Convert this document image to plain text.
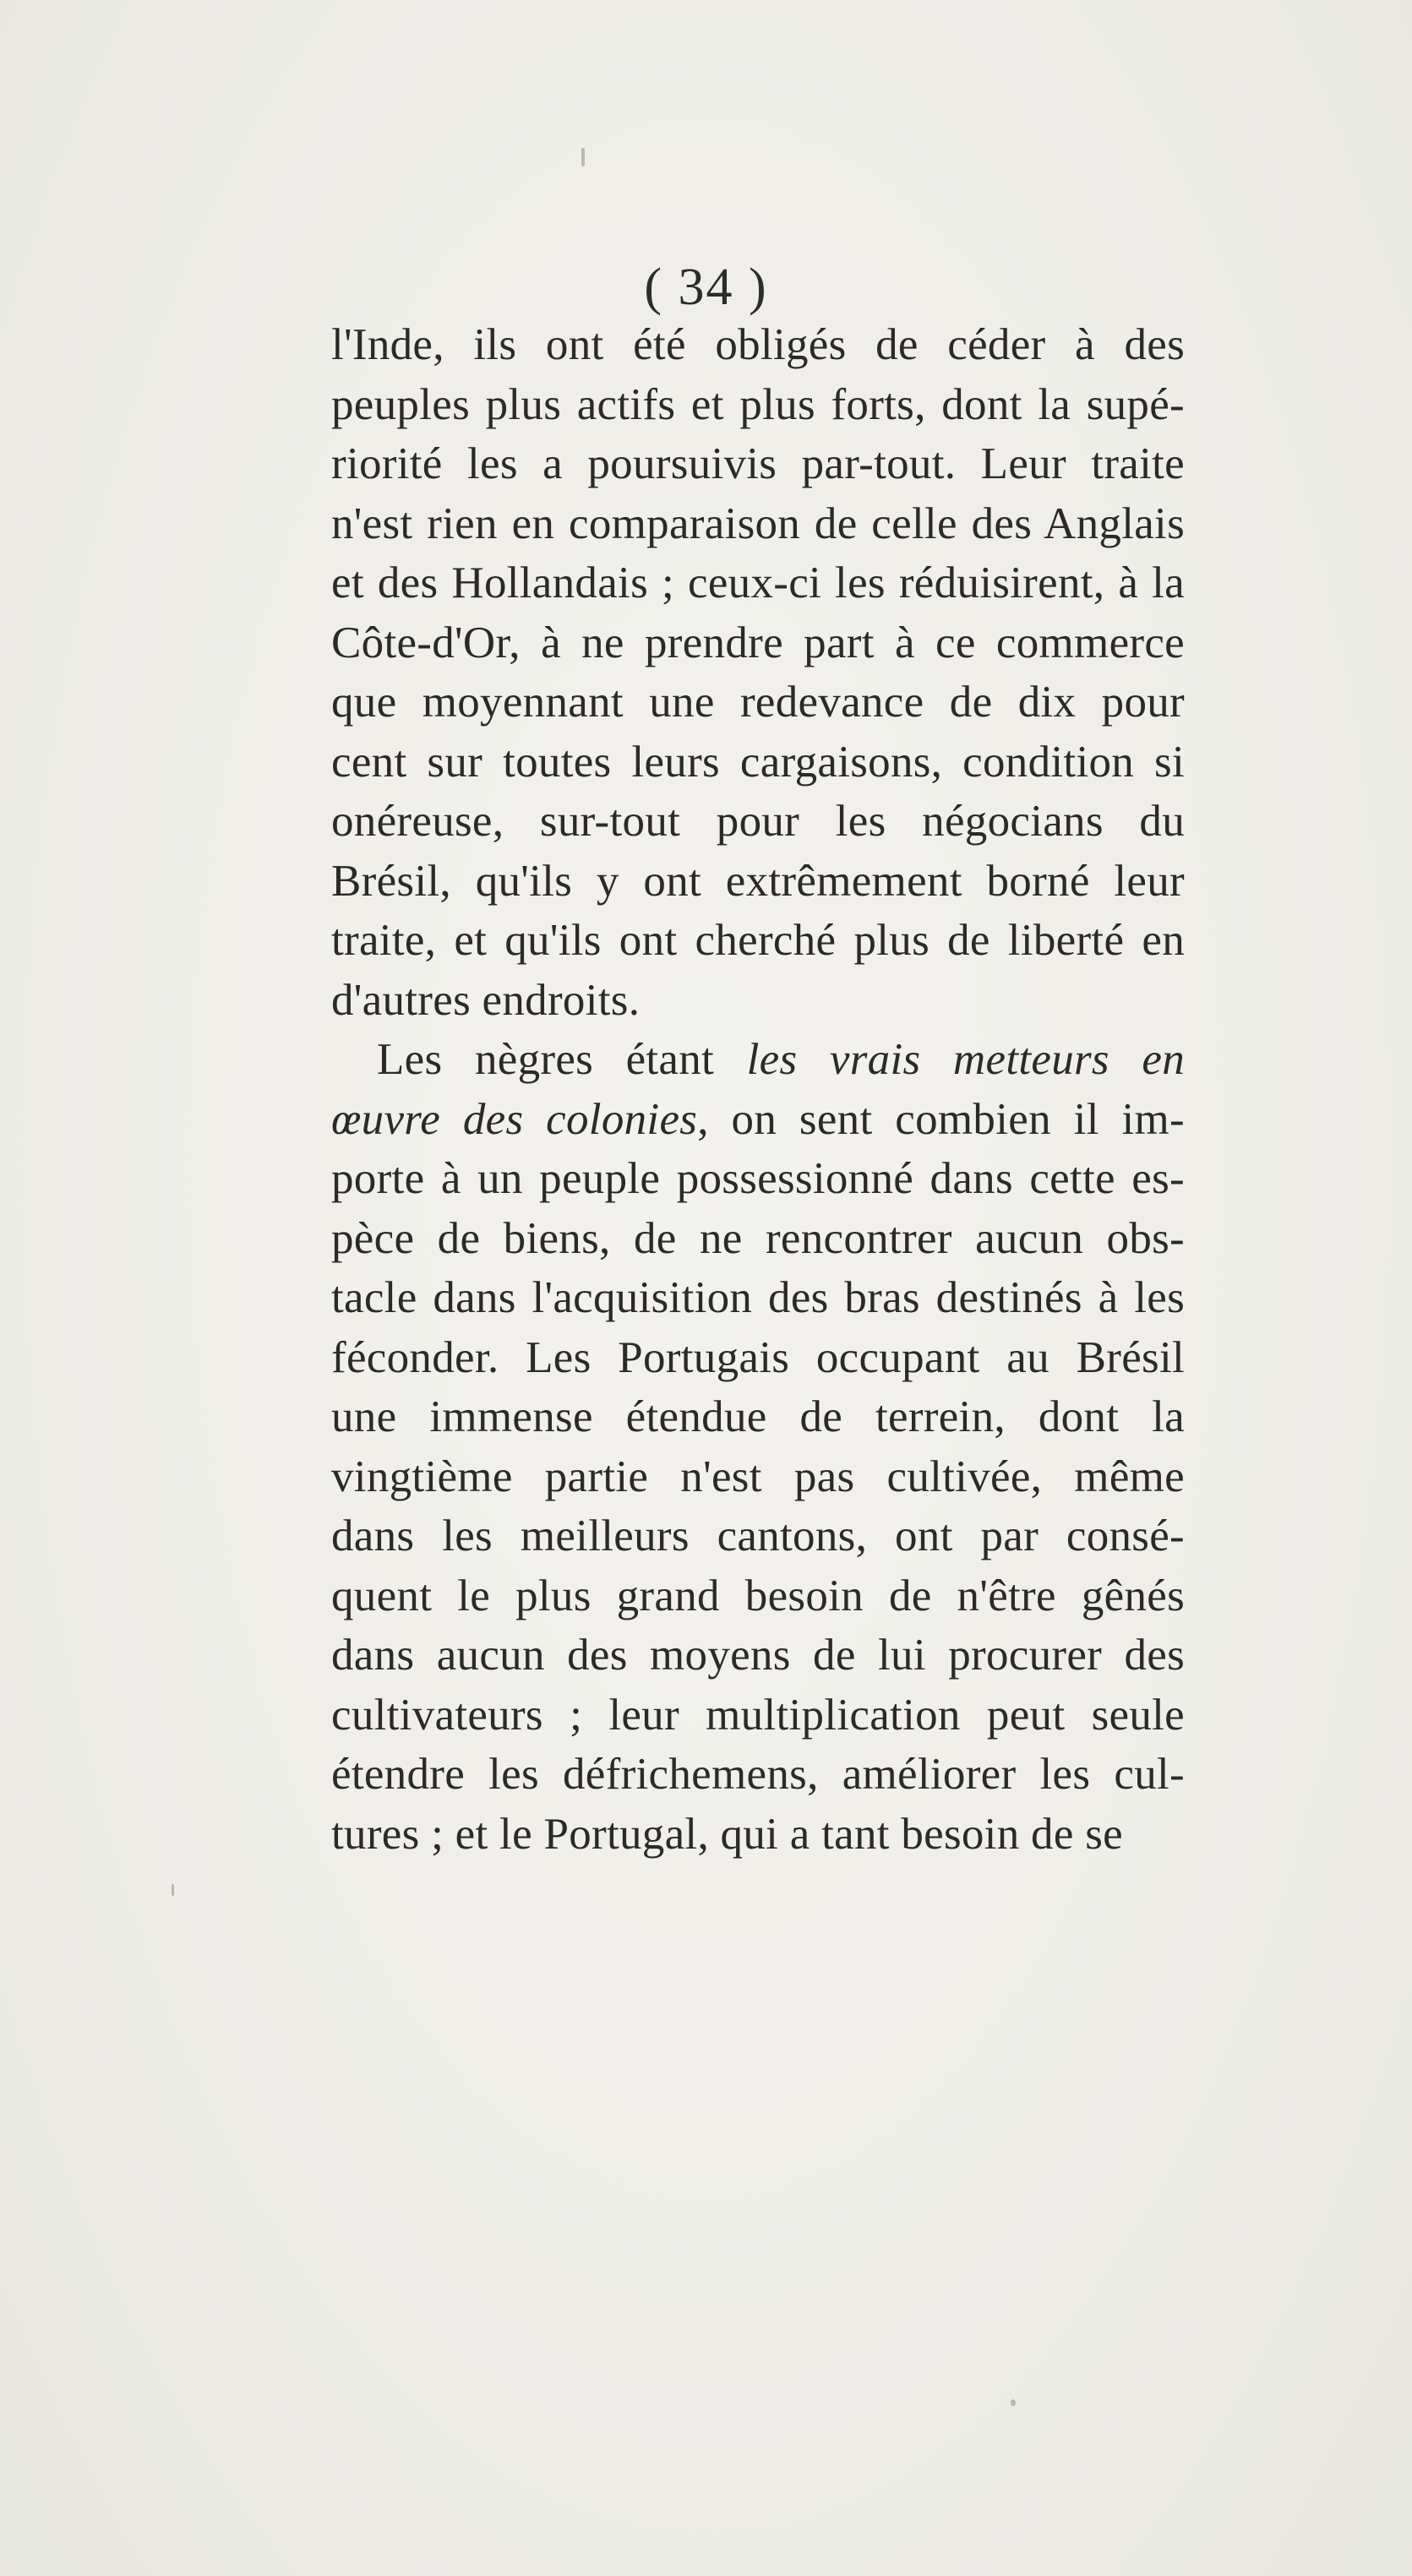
( 34 )
l'Inde, ils ont été obligés de céder à des
peuples plus actifs et plus forts, dont la supé-
riorité les a poursuivis par-tout. Leur traite
n'est rien en comparaison de celle des Anglais
et des Hollandais ; ceux-ci les réduisirent, à la
Côte-d'Or, à ne prendre part à ce commerce
que moyennant une redevance de dix pour
cent sur toutes leurs cargaisons, condition si
onéreuse, sur-tout pour les négocians du
Brésil, qu'ils y ont extrêmement borné leur
traite, et qu'ils ont cherché plus de liberté en
d'autres endroits.
Les nègres étant les vrais metteurs en
œuvre des colonies, on sent combien il im-
porte à un peuple possessionné dans cette es-
pèce de biens, de ne rencontrer aucun obs-
tacle dans l'acquisition des bras destinés à les
féconder. Les Portugais occupant au Brésil
une immense étendue de terrein, dont la
vingtième partie n'est pas cultivée, même
dans les meilleurs cantons, ont par consé-
quent le plus grand besoin de n'être gênés
dans aucun des moyens de lui procurer des
cultivateurs ; leur multiplication peut seule
étendre les défrichemens, améliorer les cul-
tures ; et le Portugal, qui a tant besoin de se
